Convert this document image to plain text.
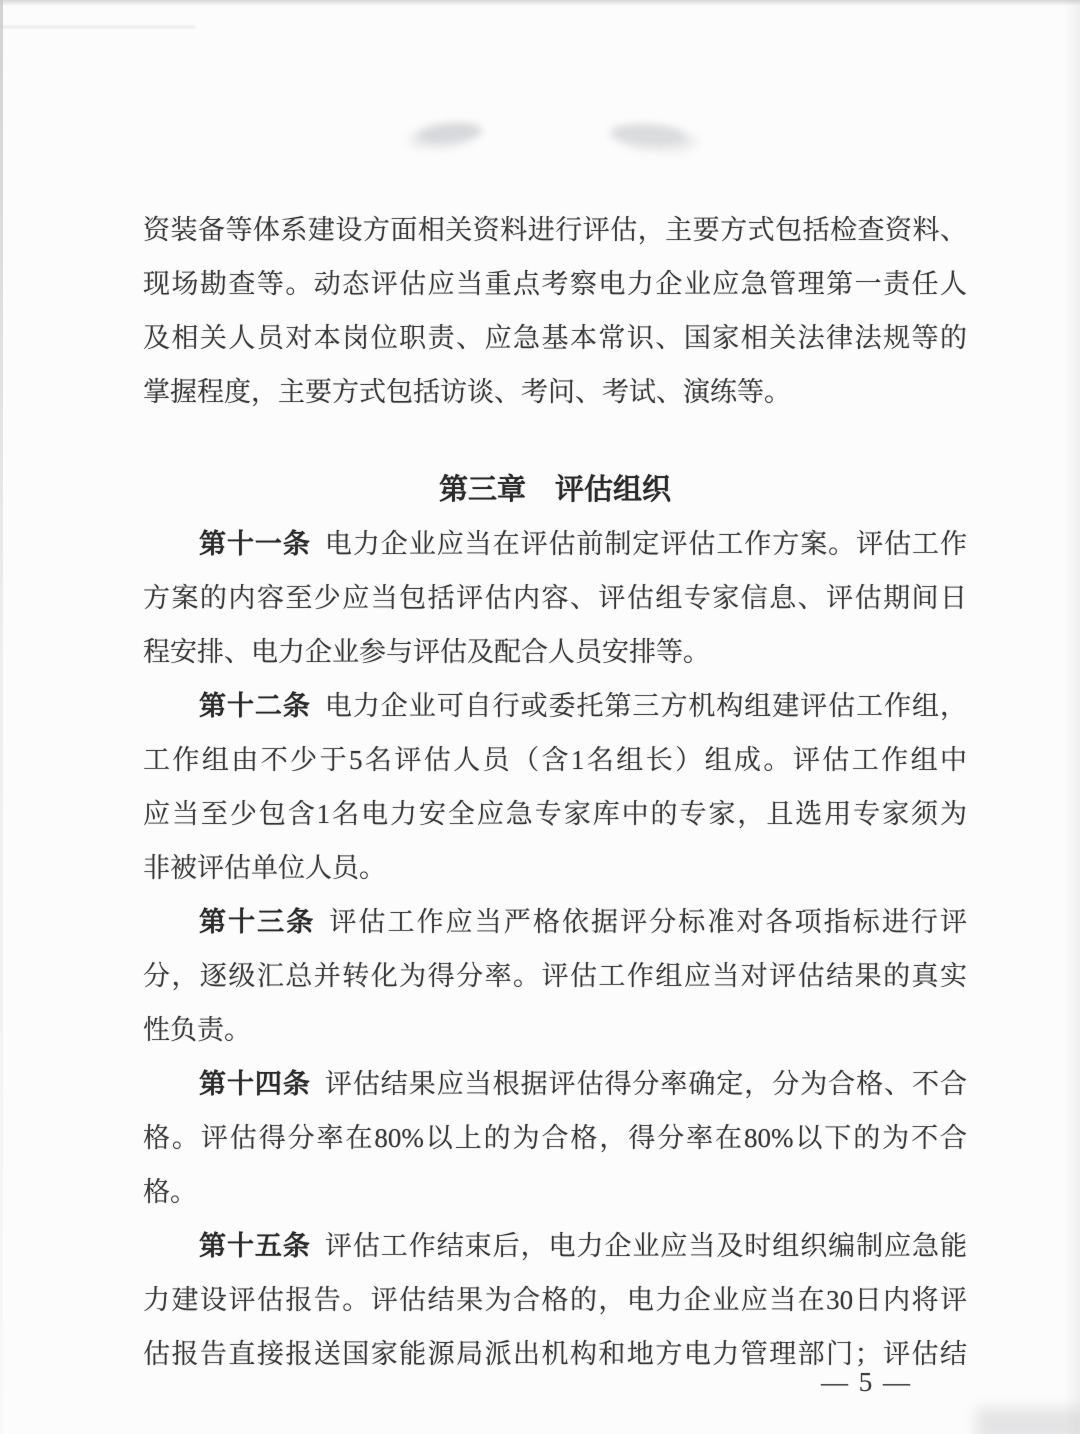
资装备等体系建设方面相关资料进行评估，主要方式包括检查资料、
现场勘查等。动态评估应当重点考察电力企业应急管理第一责任人
及相关人员对本岗位职责、应急基本常识、国家相关法律法规等的
掌握程度，主要方式包括访谈、考问、考试、演练等。
第三章　评估组织
第十一条 电力企业应当在评估前制定评估工作方案。评估工作
方案的内容至少应当包括评估内容、评估组专家信息、评估期间日
程安排、电力企业参与评估及配合人员安排等。
第十二条 电力企业可自行或委托第三方机构组建评估工作组，
工作组由不少于5名评估人员（含1名组长）组成。评估工作组中
应当至少包含1名电力安全应急专家库中的专家，且选用专家须为
非被评估单位人员。
第十三条 评估工作应当严格依据评分标准对各项指标进行评
分，逐级汇总并转化为得分率。评估工作组应当对评估结果的真实
性负责。
第十四条 评估结果应当根据评估得分率确定，分为合格、不合
格。评估得分率在80%以上的为合格，得分率在80%以下的为不合
格。
第十五条 评估工作结束后，电力企业应当及时组织编制应急能
力建设评估报告。评估结果为合格的，电力企业应当在30日内将评
估报告直接报送国家能源局派出机构和地方电力管理部门；评估结
— 5 —
